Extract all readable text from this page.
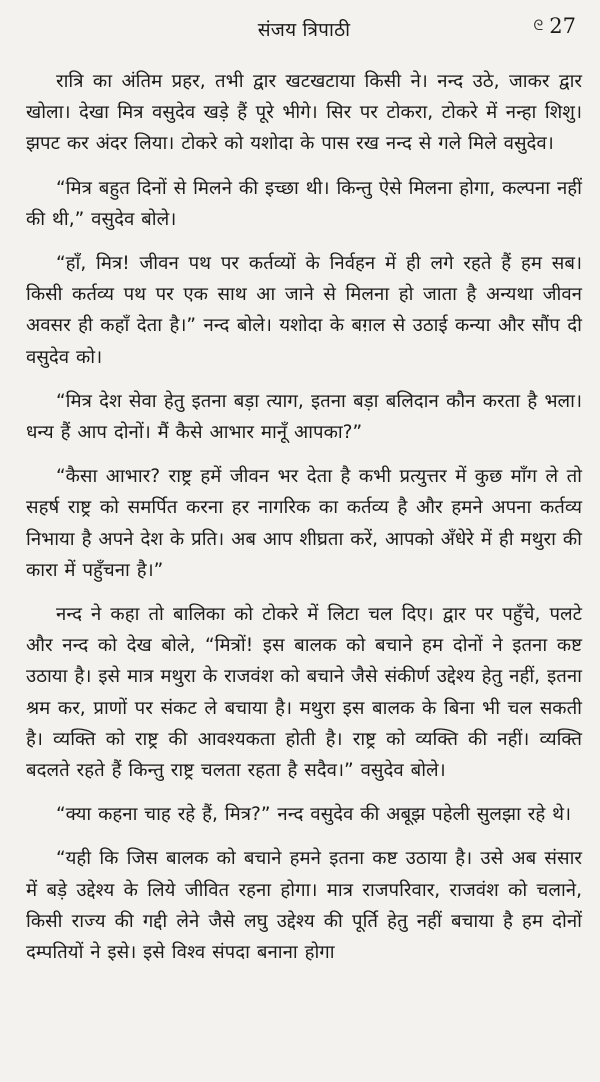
संजय त्रिपाठी	ᘓ 27

रात्रि का अंतिम प्रहर, तभी द्वार खटखटाया किसी ने। नन्द उठे, जाकर द्वार खोला। देखा मित्र वसुदेव खड़े हैं पूरे भीगे। सिर पर टोकरा, टोकरे में नन्हा शिशु। झपट कर अंदर लिया। टोकरे को यशोदा के पास रख नन्द से गले मिले वसुदेव।

“मित्र बहुत दिनों से मिलने की इच्छा थी। किन्तु ऐसे मिलना होगा, कल्पना नहीं की थी,” वसुदेव बोले।

“हाँ, मित्र! जीवन पथ पर कर्तव्यों के निर्वहन में ही लगे रहते हैं हम सब। किसी कर्तव्य पथ पर एक साथ आ जाने से मिलना हो जाता है अन्यथा जीवन अवसर ही कहाँ देता है।” नन्द बोले। यशोदा के बग़ल से उठाई कन्या और सौंप दी वसुदेव को।

“मित्र देश सेवा हेतु इतना बड़ा त्याग, इतना बड़ा बलिदान कौन करता है भला। धन्य हैं आप दोनों। मैं कैसे आभार मानूँ आपका?”

“कैसा आभार? राष्ट्र हमें जीवन भर देता है कभी प्रत्युत्तर में कुछ माँग ले तो सहर्ष राष्ट्र को समर्पित करना हर नागरिक का कर्तव्य है और हमने अपना कर्तव्य निभाया है अपने देश के प्रति। अब आप शीघ्रता करें, आपको अँधेरे में ही मथुरा की कारा में पहुँचना है।”

नन्द ने कहा तो बालिका को टोकरे में लिटा चल दिए। द्वार पर पहुँचे, पलटे और नन्द को देख बोले, “मित्रों! इस बालक को बचाने हम दोनों ने इतना कष्ट उठाया है। इसे मात्र मथुरा के राजवंश को बचाने जैसे संकीर्ण उद्देश्य हेतु नहीं, इतना श्रम कर, प्राणों पर संकट ले बचाया है। मथुरा इस बालक के बिना भी चल सकती है। व्यक्ति को राष्ट्र की आवश्यकता होती है। राष्ट्र को व्यक्ति की नहीं। व्यक्ति बदलते रहते हैं किन्तु राष्ट्र चलता रहता है सदैव।” वसुदेव बोले।

“क्या कहना चाह रहे हैं, मित्र?” नन्द वसुदेव की अबूझ पहेली सुलझा रहे थे।

“यही कि जिस बालक को बचाने हमने इतना कष्ट उठाया है। उसे अब संसार में बड़े उद्देश्य के लिये जीवित रहना होगा। मात्र राजपरिवार, राजवंश को चलाने, किसी राज्य की गद्दी लेने जैसे लघु उद्देश्य की पूर्ति हेतु नहीं बचाया है हम दोनों दम्पतियों ने इसे। इसे विश्व संपदा बनाना होगा
